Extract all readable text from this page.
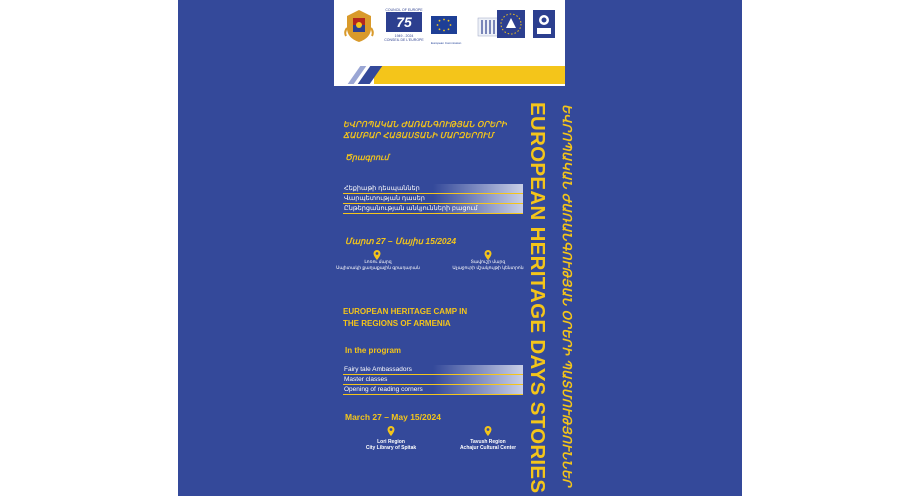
COUNCIL OF EUROPE
75
1949 - 2024
CONSEIL DE L'EUROPE
European Commission
ԵՎՐՈՊԱԿԱՆ ԺԱՌԱՆԳՈՒԹՅԱՆ ՕՐԵՐԻ
ՃԱՄԲԱՐ ՀԱՅԱՍՏԱՆԻ ՄԱՐԶԵՐՈՒՄ
Ծրագրում
Հեքիաթի դեսպաններ
Վարպետության դասեր
Ընթերցանության անկյունների բացում
Մարտ 27 – Մայիս 15/2024
Լոռու մարզ
Սպիտակի քաղաքային գրադարան
Տավուշի մարզ
Աչաջուրի մշակույթի կենտրոն
EUROPEAN HERITAGE CAMP IN
THE REGIONS OF ARMENIA
In the program
Fairy tale Ambassadors
Master classes
Opening of reading corners
March 27 – May 15/2024
Lori Region
City Library of Spitak
Tavush Region
Achajur Cultural Center EUROPEAN HERITAGE DAYS STORIES ԵՎՐՈՊԱԿԱՆ ԺԱՌԱՆԳՈՒԹՅԱՆ ՕՐԵՐԻ ՊԱՏՄՈՒԹՅՈՒՆՆԵՐ
